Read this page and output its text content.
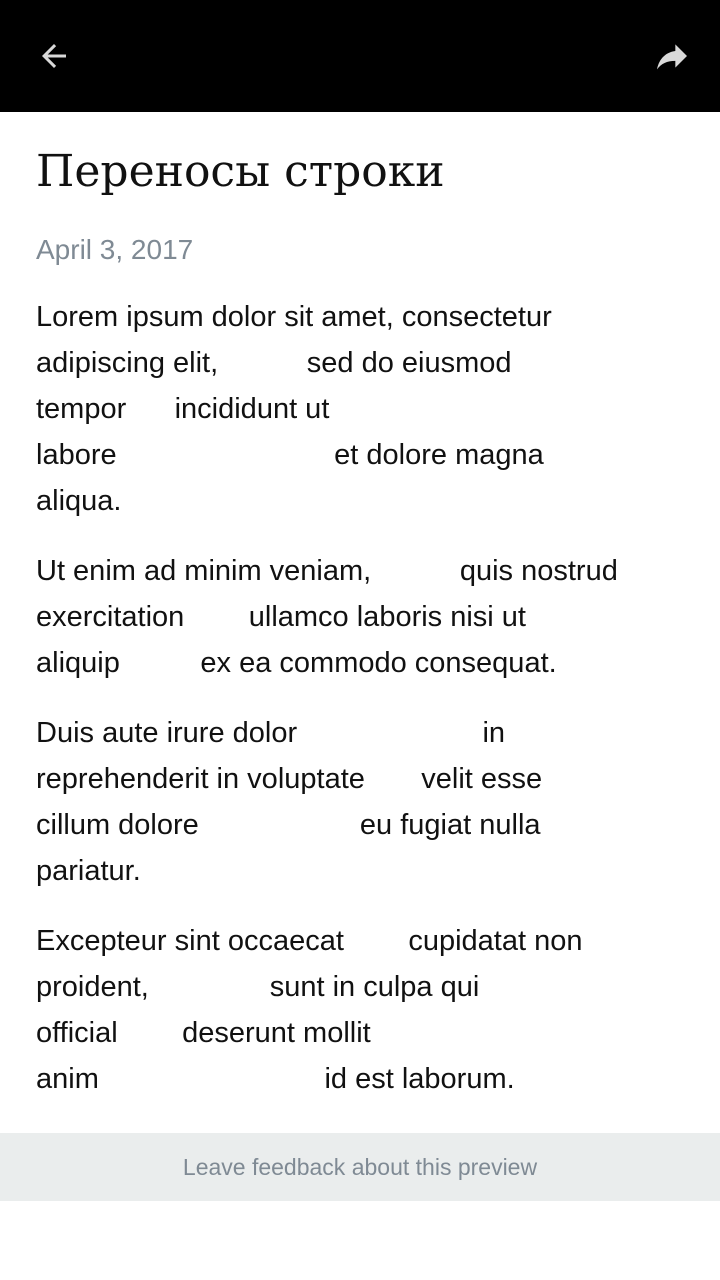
Переносы строки
April 3, 2017

Lorem ipsum dolor sit amet, consectetur
adipiscing elit,           sed do eiusmod
tempor      incididunt ut
labore                           et dolore magna
aliqua.

Ut enim ad minim veniam,           quis nostrud
exercitation        ullamco laboris nisi ut
aliquip          ex ea commodo consequat.

Duis aute irure dolor                       in
reprehenderit in voluptate       velit esse
cillum dolore                    eu fugiat nulla
pariatur.

Excepteur sint occaecat        cupidatat non
proident,               sunt in culpa qui
official        deserunt mollit
anim                            id est laborum.

Leave feedback about this preview
